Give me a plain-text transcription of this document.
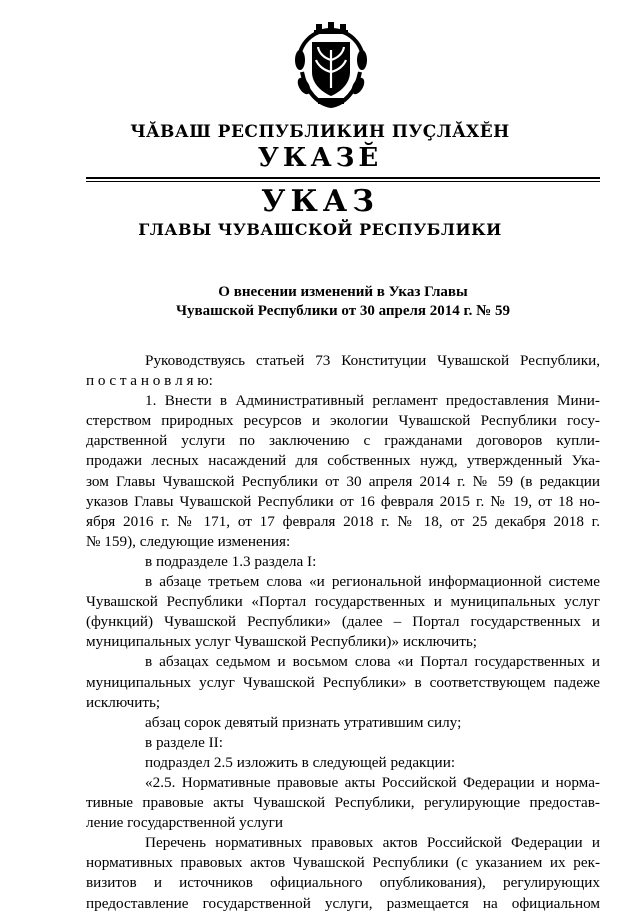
ЧĂВАШ РЕСПУБЛИКИН ПУÇЛĂХĔН
УКАЗĔ
УКАЗ
ГЛАВЫ ЧУВАШСКОЙ РЕСПУБЛИКИ
О внесении изменений в Указ Главы
Чувашской Республики от 30 апреля 2014 г. № 59
Руководствуясь статьей 73 Конституции Чувашской Республики,
п о с т а н о в л я ю:
1. Внести в Административный регламент предоставления Мини-
стерством природных ресурсов и экологии Чувашской Республики госу-
дарственной услуги по заключению с гражданами договоров купли-
продажи лесных насаждений для собственных нужд, утвержденный Ука-
зом Главы Чувашской Республики от 30 апреля 2014 г. № 59 (в редакции
указов Главы Чувашской Республики от 16 февраля 2015 г. № 19, от 18 но-
ября 2016 г. № 171, от 17 февраля 2018 г. № 18, от 25 декабря 2018 г.
№ 159), следующие изменения:
в подразделе 1.3 раздела I:
в абзаце третьем слова «и региональной информационной системе
Чувашской Республики «Портал государственных и муниципальных услуг
(функций) Чувашской Республики» (далее – Портал государственных и
муниципальных услуг Чувашской Республики)» исключить;
в абзацах седьмом и восьмом слова «и Портал государственных и
муниципальных услуг Чувашской Республики» в соответствующем падеже
исключить;
абзац сорок девятый признать утратившим силу;
в разделе II:
подраздел 2.5 изложить в следующей редакции:
«2.5. Нормативные правовые акты Российской Федерации и норма-
тивные правовые акты Чувашской Республики, регулирующие предостав-
ление государственной услуги
Перечень нормативных правовых актов Российской Федерации и
нормативных правовых актов Чувашской Республики (с указанием их рек-
визитов и источников официального опубликования), регулирующих
предоставление государственной услуги, размещается на официальном
